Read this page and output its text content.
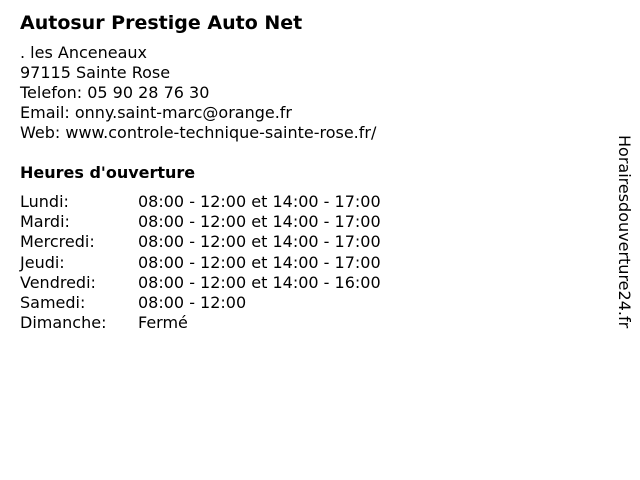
Autosur Prestige Auto Net
. les Anceneaux
97115 Sainte Rose
Telefon: 05 90 28 76 30
Email: onny.saint-marc@orange.fr
Web: www.controle-technique-sainte-rose.fr/
Heures d'ouverture
Lundi:	08:00 - 12:00 et 14:00 - 17:00
Mardi:	08:00 - 12:00 et 14:00 - 17:00
Mercredi:	08:00 - 12:00 et 14:00 - 17:00
Jeudi:	08:00 - 12:00 et 14:00 - 17:00
Vendredi:	08:00 - 12:00 et 14:00 - 16:00
Samedi:	08:00 - 12:00
Dimanche: Fermé	Horairesdouverture24.fr
